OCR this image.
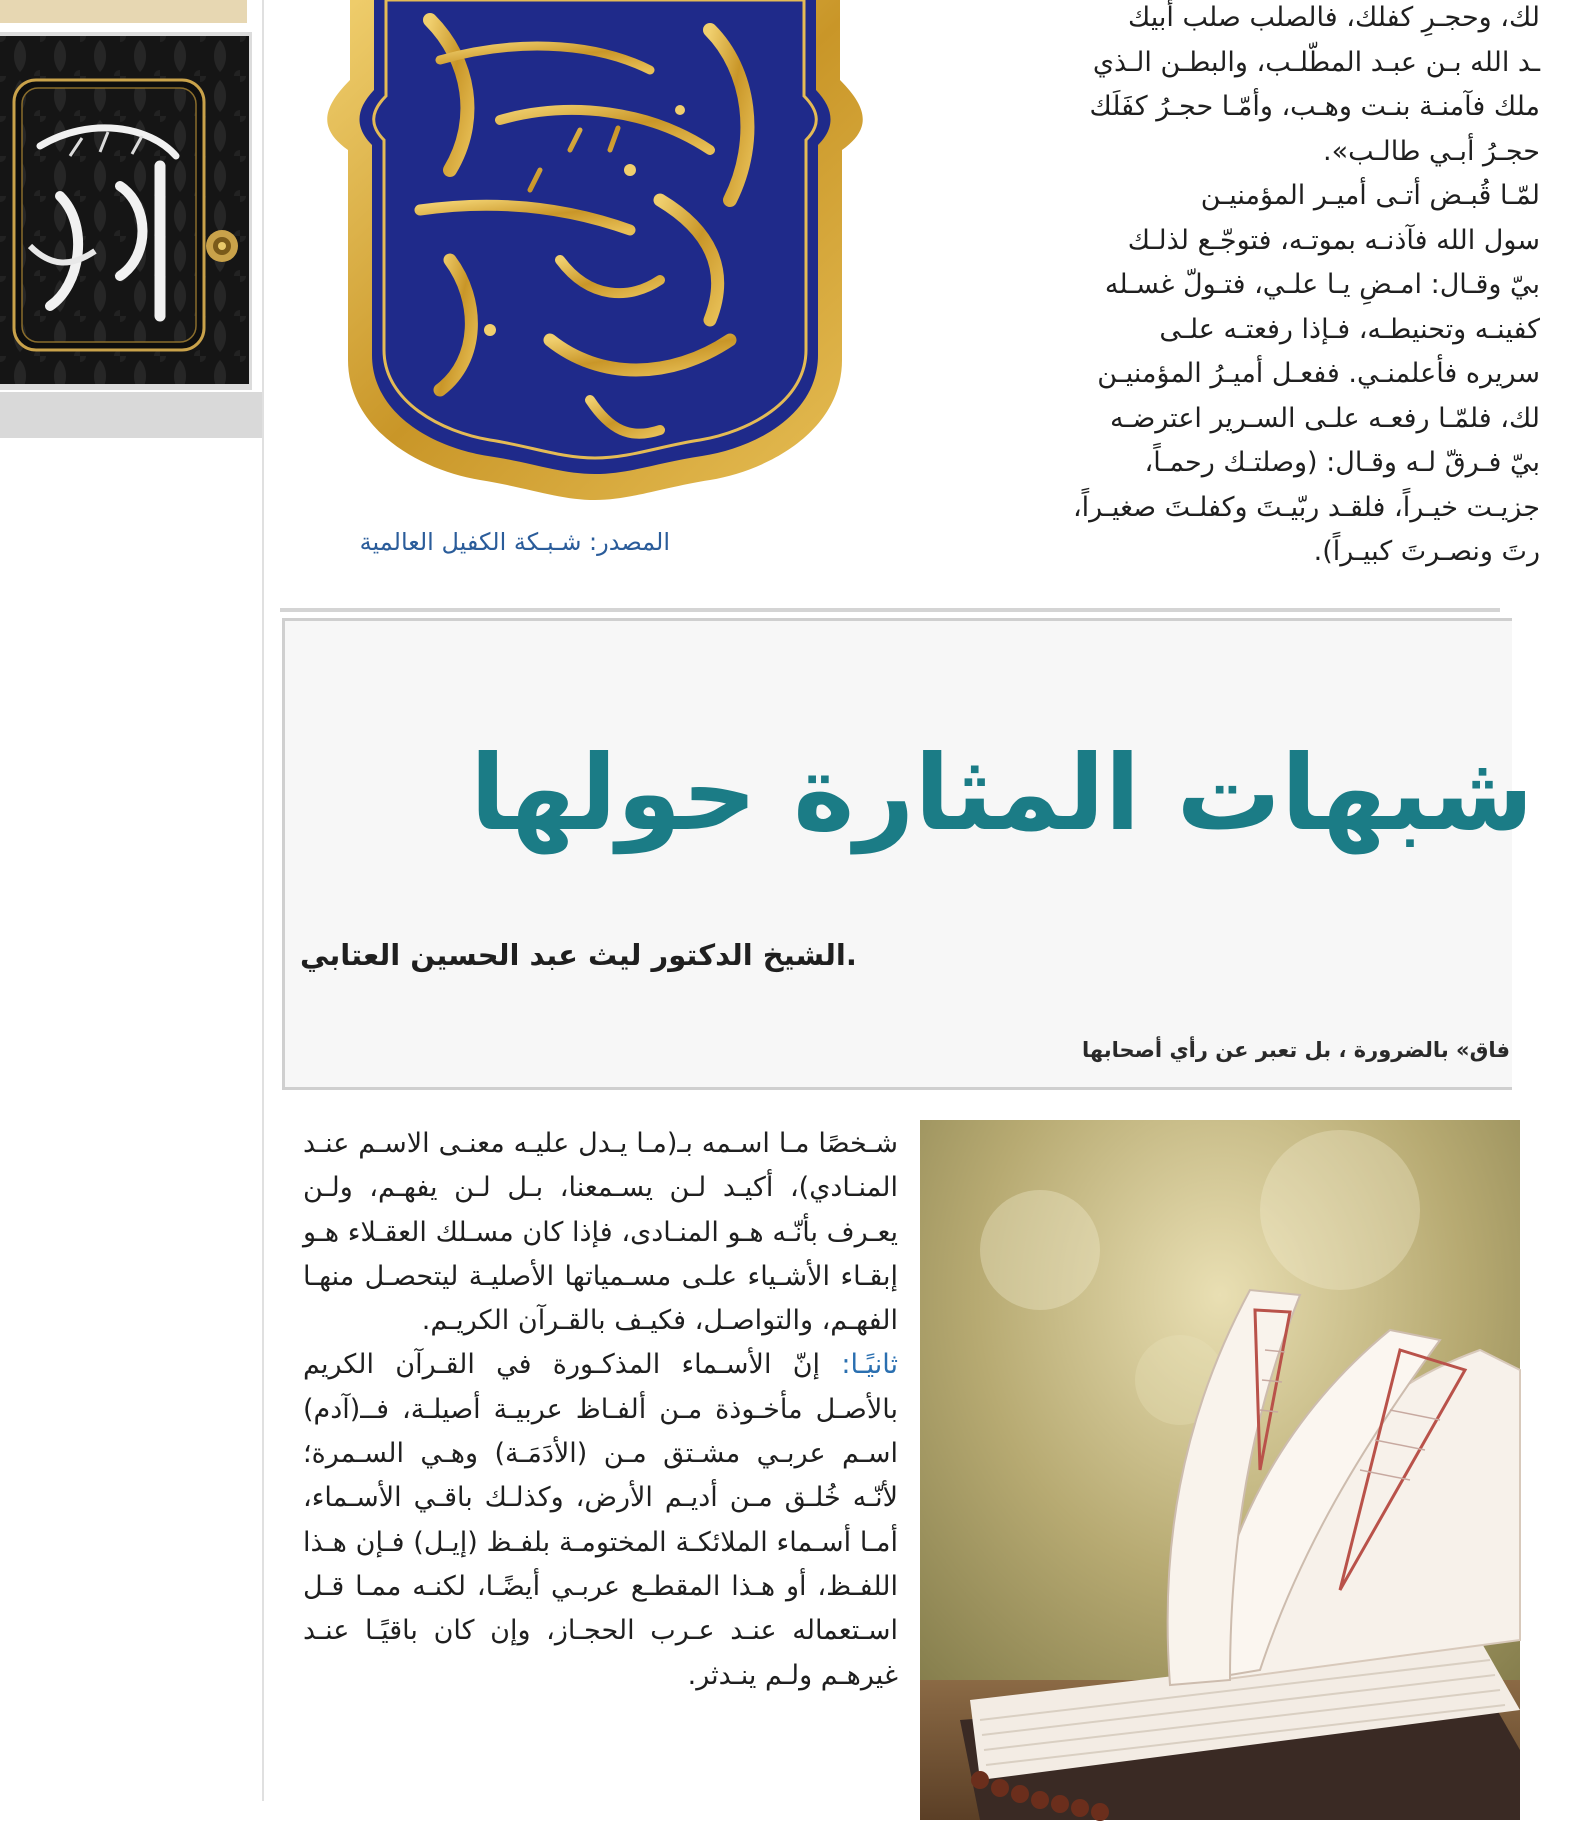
لك، وحجـرِ كفلك، فالصلب صلب أبيك

ـد الله بـن عبـد المطّلـب، والبطـن الـذي

ملك فآمنـة بنـت وهـب، وأمّـا حجـرُ كفَلَك

حجـرُ أبـي طالـب».

لمّـا قُبـض أتـى أميـر المؤمنيـن

سول الله فآذنـه بموتـه، فتوجّـع لذلـك

بيّ وقـال: امـضِ يـا علـي، فتـولّ غسـله

كفينـه وتحنيطـه، فـإذا رفعتـه علـى

سريره فأعلمنـي. ففعـل أميـرُ المؤمنيـن

لك، فلمّـا رفعـه علـى السـرير اعترضـه

بيّ فـرقّ لـه وقـال: (وصلتـك رحمـاً،

جزيـت خيـراً، فلقـد ربّيـتَ وكفلـتَ صغيـراً،

رتَ ونصـرتَ كبيـراً).

المصدر: شـبـكة الكفيل العالمية
شبهات المثارة حولها
.الشيخ الدكتور ليث عبد الحسين العتابي
فاق» بالضرورة ، بل تعبر عن رأي أصحابها

شـخصًا مـا اسـمه بـ(مـا يـدل عليـه معنـى الاسـم عنـد المنـادي)، أكيـد لـن يسـمعنا، بـل لـن يفهـم، ولـن يعـرف بأنّـه هـو المنـادى، فإذا كان مسـلك العقـلاء هـو إبقـاء الأشـياء علـى مسـمياتها الأصليـة ليتحصـل منهـا الفهـم، والتواصـل، فكيـف بالقـرآن الكريـم.

ثانيًـا: إنّ الأسـماء المذكـورة في القـرآن الكريم بالأصـل مأخـوذة مـن ألفـاظ عربيـة أصيلـة، فــ(آدم) اسـم عربـي مشـتق مـن (الأدَمَـة) وهـي السـمرة؛ لأنّـه خُلـق مـن أديـم الأرض، وكذلـك باقـي الأسـماء، أمـا أسـماء الملائكـة المختومـة بلفـظ (إيـل) فـإن هـذا اللفـظ، أو هـذا المقطـع عربـي أيضًـا، لكنـه ممـا قـل اسـتعماله عنـد عـرب الحجـاز، وإن كان باقيًـا عنـد غيرهـم ولـم ينـدثر.
